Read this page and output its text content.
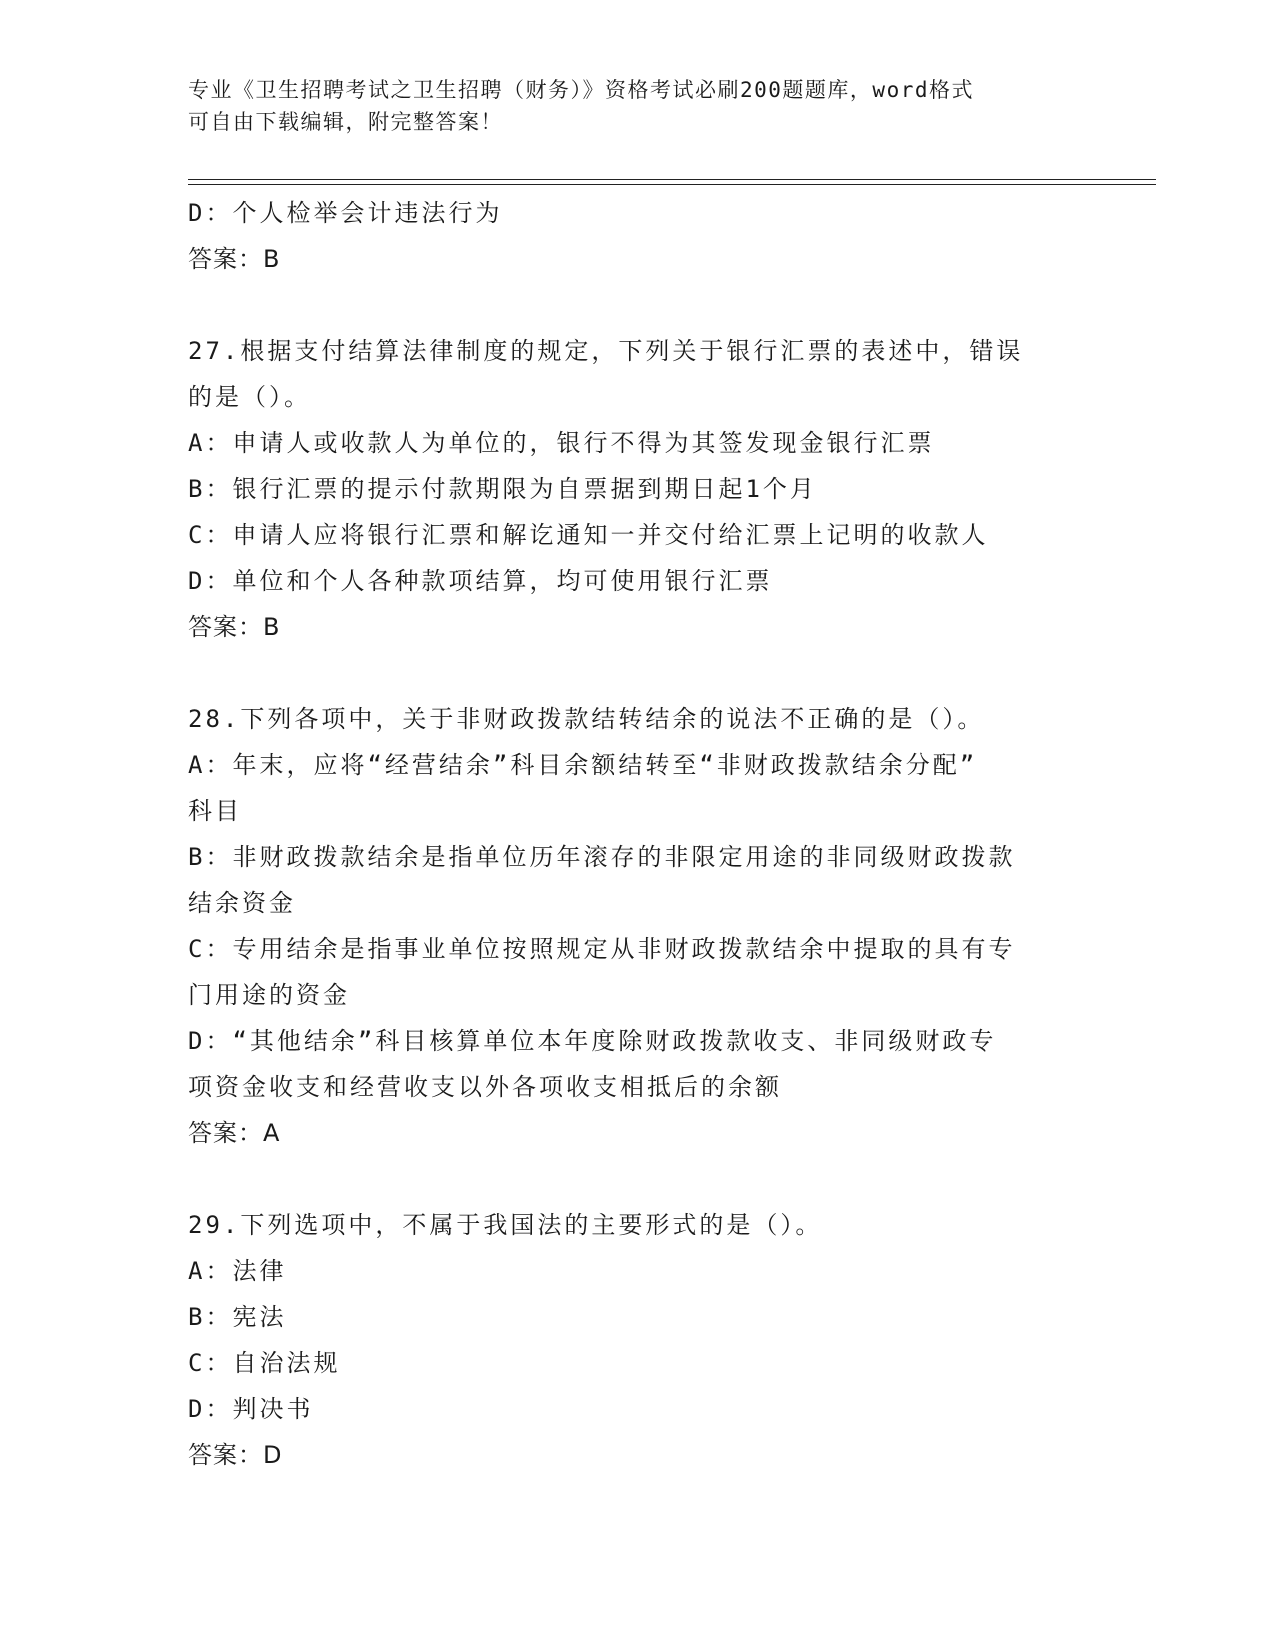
专业《卫生招聘考试之卫生招聘（财务）》资格考试必刷200题题库，word格式
可自由下载编辑，附完整答案！
D：个人检举会计违法行为
答案：B
27.根据支付结算法律制度的规定，下列关于银行汇票的表述中，错误
的是（）。
A：申请人或收款人为单位的，银行不得为其签发现金银行汇票
B：银行汇票的提示付款期限为自票据到期日起1个月
C：申请人应将银行汇票和解讫通知一并交付给汇票上记明的收款人
D：单位和个人各种款项结算，均可使用银行汇票
答案：B
28.下列各项中，关于非财政拨款结转结余的说法不正确的是（）。
A：年末，应将“经营结余”科目余额结转至“非财政拨款结余分配”
科目
B：非财政拨款结余是指单位历年滚存的非限定用途的非同级财政拨款
结余资金
C：专用结余是指事业单位按照规定从非财政拨款结余中提取的具有专
门用途的资金
D：“其他结余”科目核算单位本年度除财政拨款收支、非同级财政专
项资金收支和经营收支以外各项收支相抵后的余额
答案：A
29.下列选项中，不属于我国法的主要形式的是（）。
A：法律
B：宪法
C：自治法规
D：判决书
答案：D
